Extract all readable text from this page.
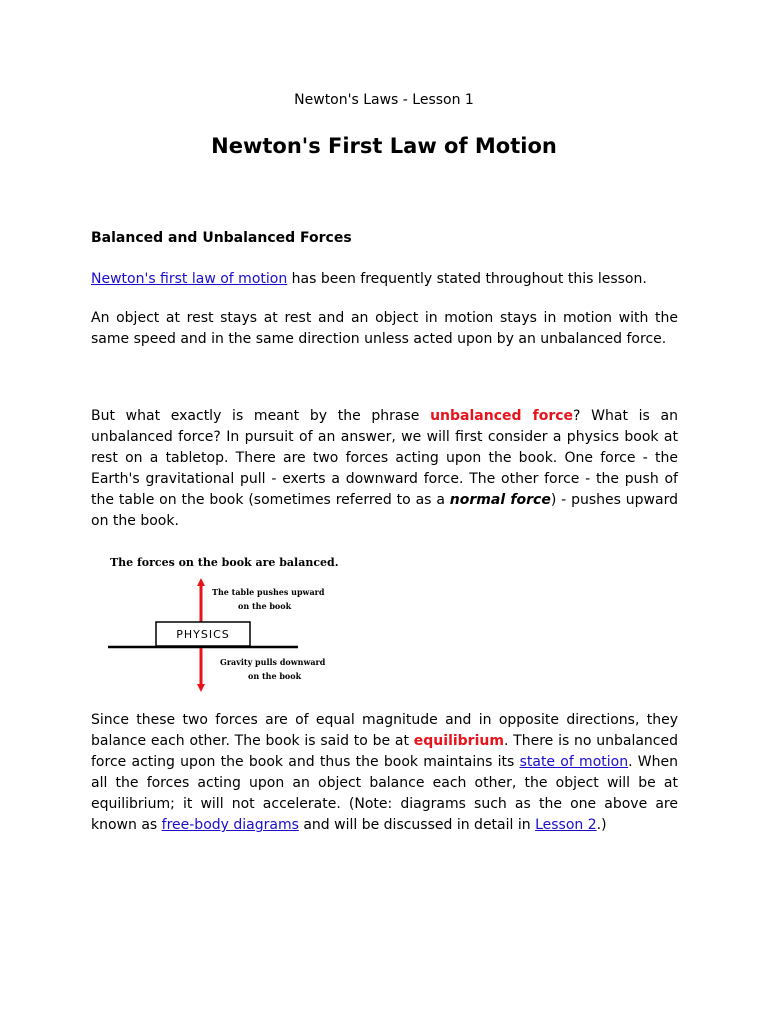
Newton's Laws - Lesson 1
Newton's First Law of Motion
Balanced and Unbalanced Forces

Newton's first law of motion has been frequently stated throughout this lesson.

An object at rest stays at rest and an object in motion stays in motion with the same speed and in the same direction unless acted upon by an unbalanced force.

But what exactly is meant by the phrase unbalanced force? What is an unbalanced force? In pursuit of an answer, we will first consider a physics book at rest on a tabletop. There are two forces acting upon the book. One force - the Earth's gravitational pull - exerts a downward force. The other force - the push of the table on the book (sometimes referred to as a normal force) - pushes upward on the book.

The forces on the book are balanced.
The table pushes upward
on the book
PHYSICS
Gravity pulls downward
on the book

Since these two forces are of equal magnitude and in opposite directions, they balance each other. The book is said to be at equilibrium. There is no unbalanced force acting upon the book and thus the book maintains its state of motion. When all the forces acting upon an object balance each other, the object will be at equilibrium; it will not accelerate. (Note: diagrams such as the one above are known as free-body diagrams and will be discussed in detail in Lesson 2.)
